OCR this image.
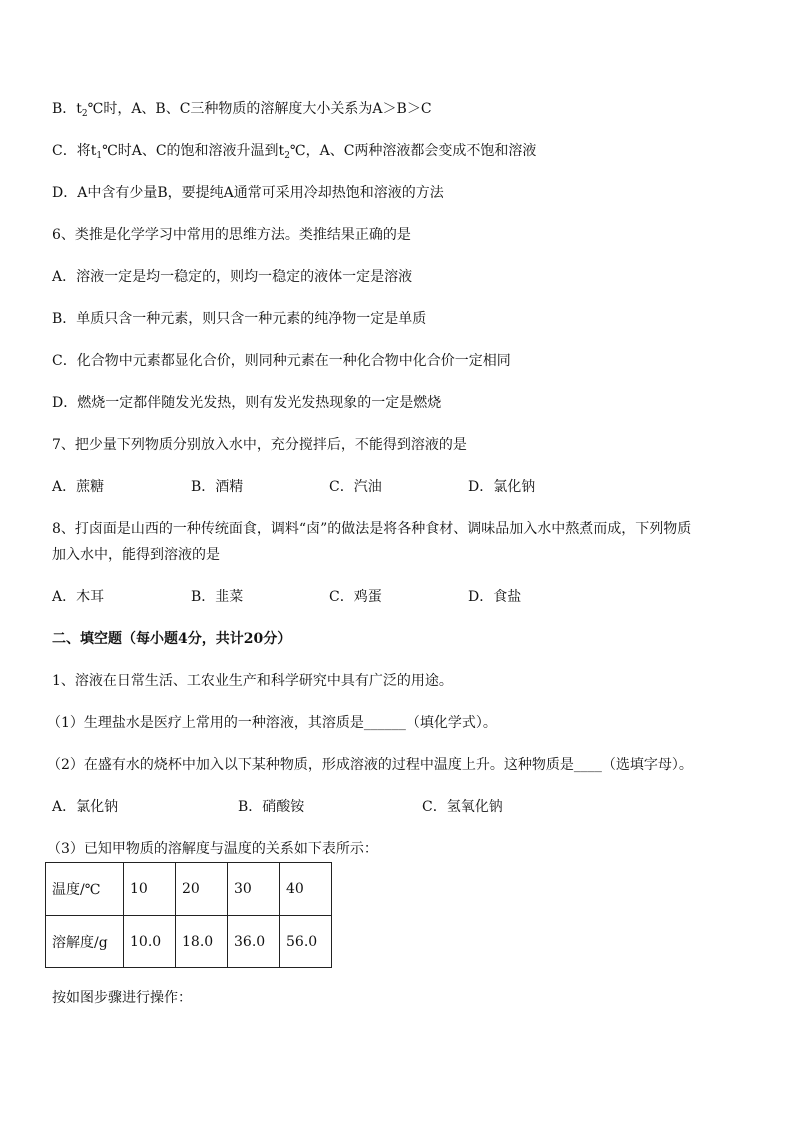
B．$t_2℃$时，A、B、C三种物质的溶解度大小关系为A＞B＞C
C．将$t_1℃$时A、C的饱和溶液升温到$t_2℃$，A、C两种溶液都会变成不饱和溶液
D．A中含有少量B，要提纯A通常可采用冷却热饱和溶液的方法
6、类推是化学学习中常用的思维方法。类推结果正确的是
A．溶液一定是均一稳定的，则均一稳定的液体一定是溶液
B．单质只含一种元素，则只含一种元素的纯净物一定是单质
C．化合物中元素都显化合价，则同种元素在一种化合物中化合价一定相同
D．燃烧一定都伴随发光发热，则有发光发热现象的一定是燃烧
7、把少量下列物质分别放入水中，充分搅拌后，不能得到溶液的是
A．蔗糖	B．酒精	C．汽油	D．氯化钠
8、打卤面是山西的一种传统面食，调料“卤”的做法是将各种食材、调味品加入水中熬煮而成，下列物质
加入水中，能得到溶液的是
A．木耳	B．韭菜	C．鸡蛋	D．食盐
二、填空题（每小题4分，共计20分）
1、溶液在日常生活、工农业生产和科学研究中具有广泛的用途。
（1）生理盐水是医疗上常用的一种溶液，其溶质是______（填化学式）。
（2）在盛有水的烧杯中加入以下某种物质，形成溶液的过程中温度上升。这种物质是____（选填字母）。
A．氯化钠	B．硝酸铵	C．氢氧化钠
（3）已知甲物质的溶解度与温度的关系如下表所示：
温度/℃	10	20	30	40
溶解度/g	10.0	18.0	36.0	56.0
按如图步骤进行操作：
